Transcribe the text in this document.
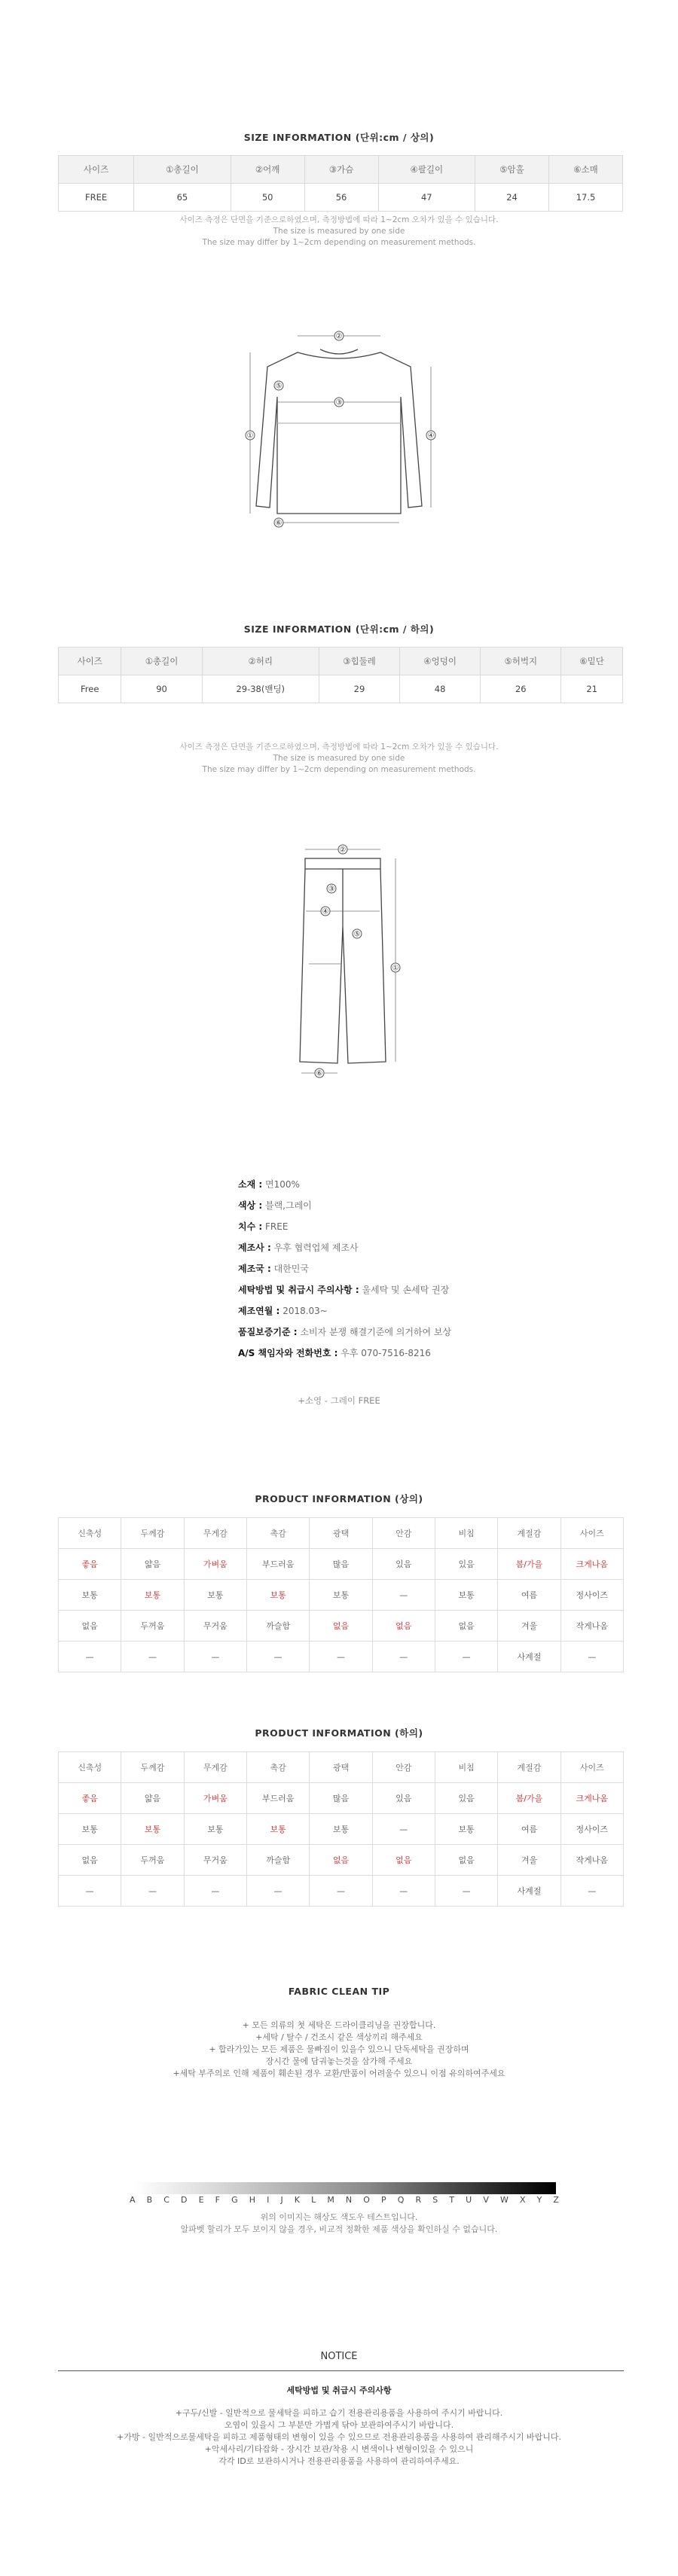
SIZE INFORMATION (단위:cm / 상의)
사이즈	①총길이	②어깨	③가슴	④팔길이	⑤암홀	⑥소매
FREE	65	50	56	47	24	17.5
사이즈 측정은 단면을 기준으로하였으며, 측정방법에 따라 1~2cm 오차가 있을 수 있습니다.
The size is measured by one side
The size may differ by 1~2cm depending on measurement methods.
②
①	④
③
⑤
⑥
SIZE INFORMATION (단위:cm / 하의)
사이즈	①총길이	②허리	③힙둘레	④엉덩이	⑤허벅지	⑥밑단
Free	90	29-38(밴딩)	29	48	26	21
사이즈 측정은 단면을 기준으로하였으며, 측정방법에 따라 1~2cm 오차가 있을 수 있습니다.
The size is measured by one side
The size may differ by 1~2cm depending on measurement methods.
②
①
③
④
⑤
⑥
소재 : 면100%
색상 : 블랙,그레이
치수 : FREE
제조사 : 우후 협력업체 제조사
제조국 : 대한민국
세탁방법 및 취급시 주의사항 : 울세탁 및 손세탁 권장
제조연월 : 2018.03~
품질보증기준 : 소비자 분쟁 해결기준에 의거하여 보상
A/S 책임자와 전화번호 : 우후 070-7516-8216
+소영 - 그레이 FREE
PRODUCT INFORMATION (상의)
신축성	두께감	무게감	촉감	광택	안감	비침	계절감	사이즈
좋음	얇음	가벼움	부드러움	많음	있음	있음	봄/가을	크게나옴
보통	보통	보통	보통	보통	—	보통	여름	정사이즈
없음	두꺼움	무거움	까슬함	없음	없음	없음	겨울	작게나옴
—	—	—	—	—	—	—	사계절	—
PRODUCT INFORMATION (하의)
신축성	두께감	무게감	촉감	광택	안감	비침	계절감	사이즈
좋음	얇음	가벼움	부드러움	많음	있음	있음	봄/가을	크게나옴
보통	보통	보통	보통	보통	—	보통	여름	정사이즈
없음	두꺼움	무거움	까슬함	없음	없음	없음	겨울	작게나옴
—	—	—	—	—	—	—	사계절	—
FABRIC CLEAN TIP
+ 모든 의류의 첫 세탁은 드라이클리닝을 권장합니다.
+세탁 / 탈수 / 건조시 같은 색상끼리 해주세요
+ 합라가있는 모든 제품은 물빠짐이 있을수 있으니 단독세탁을 권장하며
장시간 물에 담궈놓는것을 삼가해 주세요
+세탁 부주의로 인해 제품이 훼손된 경우 교환/반품이 어려울수 있으니 이점 유의하여주세요
A B C D E F G H I J K L M N O P Q R S T U V W X Y Z
위의 이미지는 해상도 색도우 테스트입니다.
알파벳 할리가 모두 보이지 않을 경우, 비교적 정확한 제품 색상을 확인하실 수 없습니다.
NOTICE
세탁방법 및 취급시 주의사항
+구두/신발 - 일반적으로 물세탁을 피하고 습기 전용관리용품을 사용하여 주시기 바랍니다.
오염이 있을시 그 부분만 가볍게 닦아 보관하여주시기 바랍니다.
+가방 - 일반적으로물세탁을 피하고 제품형태의 변형이 있을 수 있으므로 전용관리용품을 사용하여 관리해주시기 바랍니다.
+악세사리/기타잡화 - 장시간 보관/착용 시 변색이나 변형이있을 수 있으니
각각 ID로 보관하시거나 전용관리용품을 사용하여 관리하여주세요.
